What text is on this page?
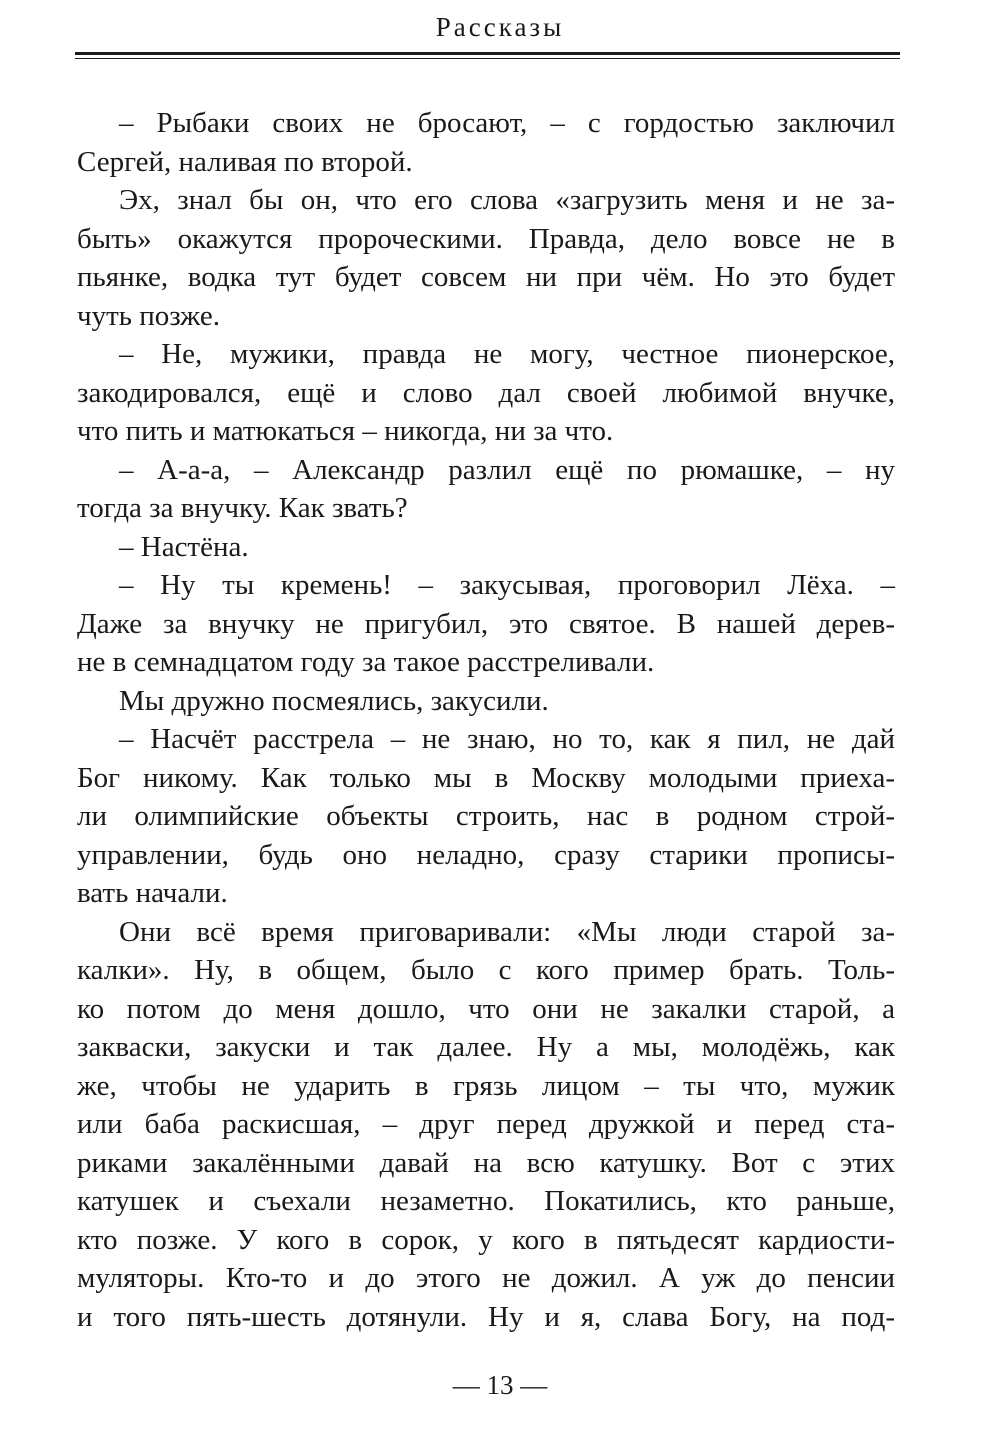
Рассказы
– Рыбаки своих не бросают, – с гордостью заключил
Сергей, наливая по второй.
Эх, знал бы он, что его слова «загрузить меня и не за-
быть» окажутся пророческими. Правда, дело вовсе не в
пьянке, водка тут будет совсем ни при чём. Но это будет
чуть позже.
– Не, мужики, правда не могу, честное пионерское,
закодировался, ещё и слово дал своей любимой внучке,
что пить и матюкаться – никогда, ни за что.
– А-а-а, – Александр разлил ещё по рюмашке, – ну
тогда за внучку. Как звать?
– Настёна.
– Ну ты кремень! – закусывая, проговорил Лёха. –
Даже за внучку не пригубил, это святое. В нашей дерев-
не в семнадцатом году за такое расстреливали.
Мы дружно посмеялись, закусили.
– Насчёт расстрела – не знаю, но то, как я пил, не дай
Бог никому. Как только мы в Москву молодыми приеха-
ли олимпийские объекты строить, нас в родном строй-
управлении, будь оно неладно, сразу старики прописы-
вать начали.
Они всё время приговаривали: «Мы люди старой за-
калки». Ну, в общем, было с кого пример брать. Толь-
ко потом до меня дошло, что они не закалки старой, а
закваски, закуски и так далее. Ну а мы, молодёжь, как
же, чтобы не ударить в грязь лицом – ты что, мужик
или баба раскисшая, – друг перед дружкой и перед ста-
риками закалёнными давай на всю катушку. Вот с этих
катушек и съехали незаметно. Покатились, кто раньше,
кто позже. У кого в сорок, у кого в пятьдесят кардиости-
муляторы. Кто-то и до этого не дожил. А уж до пенсии
и того пять-шесть дотянули. Ну и я, слава Богу, на под-
— 13 —
